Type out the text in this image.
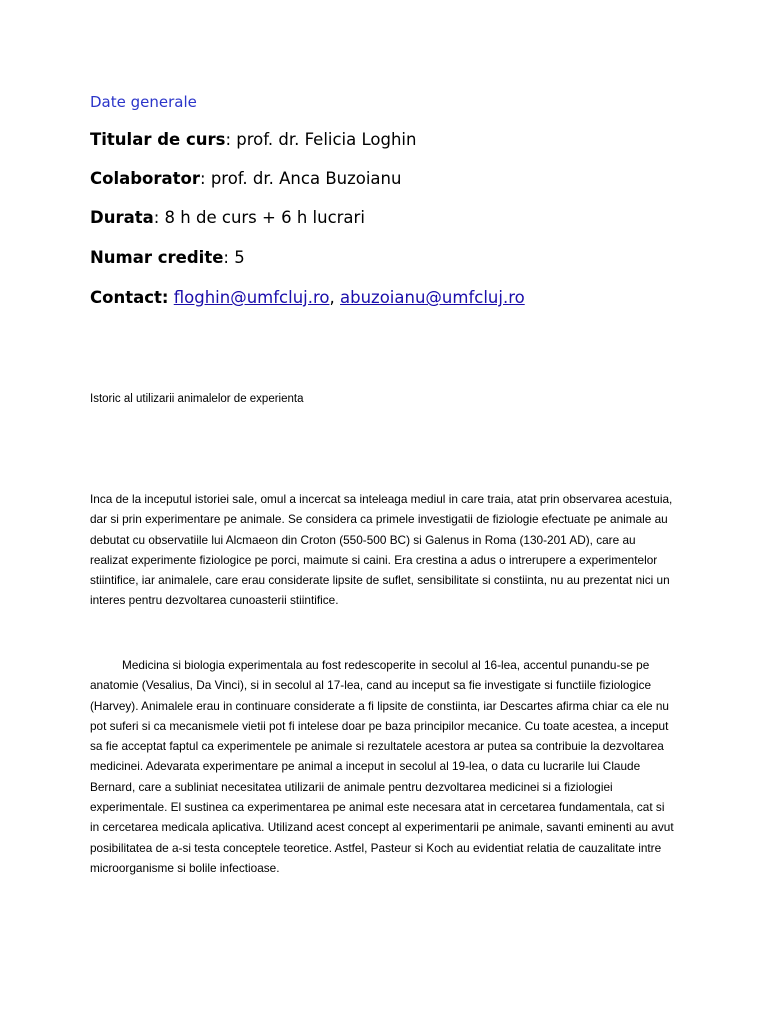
Date generale

Titular de curs: prof. dr. Felicia Loghin

Colaborator: prof. dr. Anca Buzoianu

Durata: 8 h de curs + 6 h lucrari

Numar credite: 5

Contact: floghin@umfcluj.ro, abuzoianu@umfcluj.ro

Istoric al utilizarii animalelor de experienta

Inca de la inceputul istoriei sale, omul a incercat sa inteleaga mediul in care traia, atat prin observarea acestuia, dar si prin experimentare pe animale. Se considera ca primele investigatii de fiziologie efectuate pe animale au debutat cu observatiile lui Alcmaeon din Croton (550-500 BC) si Galenus in Roma (130-201 AD), care au realizat experimente fiziologice pe porci, maimute si caini. Era crestina a adus o intrerupere a experimentelor stiintifice, iar animalele, care erau considerate lipsite de suflet, sensibilitate si constiinta, nu au prezentat nici un interes pentru dezvoltarea cunoasterii stiintifice.

Medicina si biologia experimentala au fost redescoperite in secolul al 16-lea, accentul punandu-se pe anatomie (Vesalius, Da Vinci), si in secolul al 17-lea, cand au inceput sa fie investigate si functiile fiziologice (Harvey). Animalele erau in continuare considerate a fi lipsite de constiinta, iar Descartes afirma chiar ca ele nu pot suferi si ca mecanismele vietii pot fi intelese doar pe baza principilor mecanice. Cu toate acestea, a inceput sa fie acceptat faptul ca experimentele pe animale si rezultatele acestora ar putea sa contribuie la dezvoltarea medicinei. Adevarata experimentare pe animal a inceput in secolul al 19-lea, o data cu lucrarile lui Claude Bernard, care a subliniat necesitatea utilizarii de animale pentru dezvoltarea medicinei si a fiziologiei experimentale. El sustinea ca experimentarea pe animal este necesara atat in cercetarea fundamentala, cat si in cercetarea medicala aplicativa. Utilizand acest concept al experimentarii pe animale, savanti eminenti au avut posibilitatea de a-si testa conceptele teoretice. Astfel, Pasteur si Koch au evidentiat relatia de cauzalitate intre microorganisme si bolile infectioase.
